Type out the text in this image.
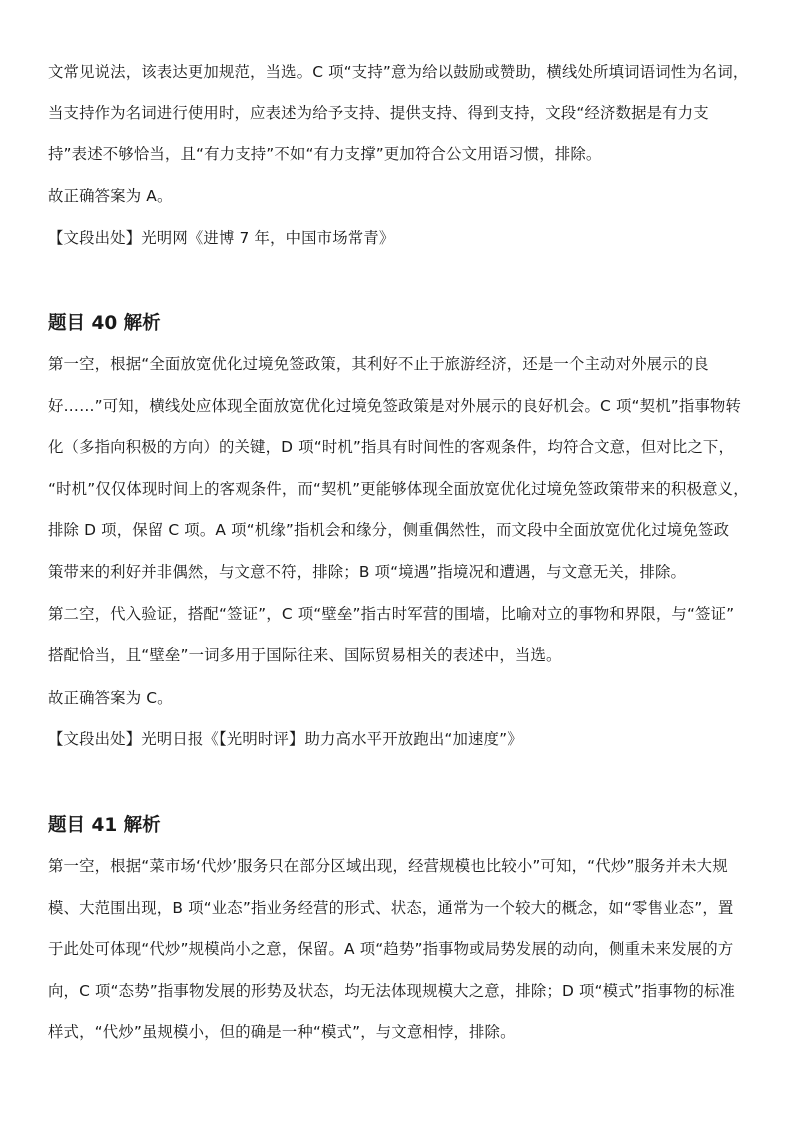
文常见说法，该表达更加规范，当选。C 项“支持”意为给以鼓励或赞助，横线处所填词语词性为名词，
当支持作为名词进行使用时，应表述为给予支持、提供支持、得到支持，文段“经济数据是有力支
持”表述不够恰当，且“有力支持”不如“有力支撑”更加符合公文用语习惯，排除。
故正确答案为 A。
【文段出处】光明网《进博 7 年，中国市场常青》
题目 40 解析
第一空，根据“全面放宽优化过境免签政策，其利好不止于旅游经济，还是一个主动对外展示的良
好……”可知，横线处应体现全面放宽优化过境免签政策是对外展示的良好机会。C 项“契机”指事物转
化（多指向积极的方向）的关键，D 项“时机”指具有时间性的客观条件，均符合文意，但对比之下，
“时机”仅仅体现时间上的客观条件，而“契机”更能够体现全面放宽优化过境免签政策带来的积极意义，
排除 D 项，保留 C 项。A 项“机缘”指机会和缘分，侧重偶然性，而文段中全面放宽优化过境免签政
策带来的利好并非偶然，与文意不符，排除；B 项“境遇”指境况和遭遇，与文意无关，排除。
第二空，代入验证，搭配“签证”，C 项“壁垒”指古时军营的围墙，比喻对立的事物和界限，与“签证”
搭配恰当，且“壁垒”一词多用于国际往来、国际贸易相关的表述中，当选。
故正确答案为 C。
【文段出处】光明日报《【光明时评】助力高水平开放跑出“加速度”》
题目 41 解析
第一空，根据“菜市场‘代炒’服务只在部分区域出现，经营规模也比较小”可知，“代炒”服务并未大规
模、大范围出现，B 项“业态”指业务经营的形式、状态，通常为一个较大的概念，如“零售业态”，置
于此处可体现“代炒”规模尚小之意，保留。A 项“趋势”指事物或局势发展的动向，侧重未来发展的方
向，C 项“态势”指事物发展的形势及状态，均无法体现规模大之意，排除；D 项“模式”指事物的标准
样式，“代炒”虽规模小，但的确是一种“模式”，与文意相悖，排除。
